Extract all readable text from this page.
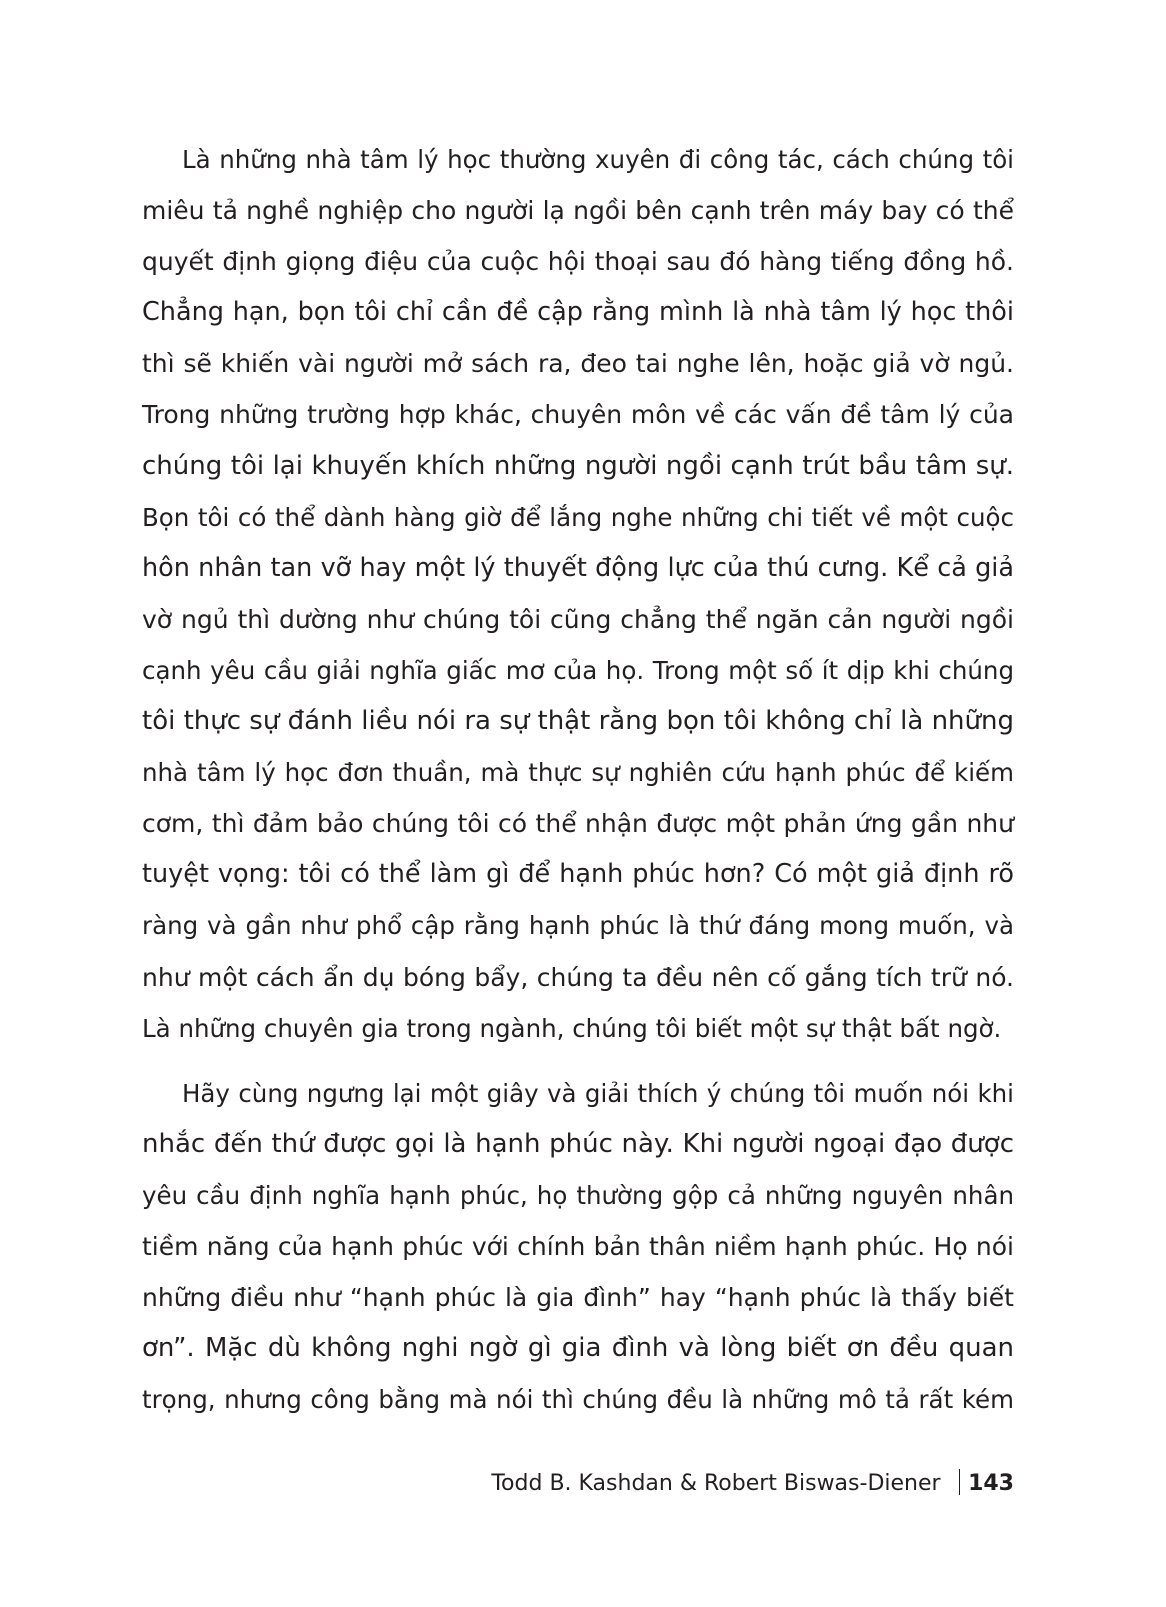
Là những nhà tâm lý học thường xuyên đi công tác, cách chúng tôi
miêu tả nghề nghiệp cho người lạ ngồi bên cạnh trên máy bay có thể
quyết định giọng điệu của cuộc hội thoại sau đó hàng tiếng đồng hồ.
Chẳng hạn, bọn tôi chỉ cần đề cập rằng mình là nhà tâm lý học thôi
thì sẽ khiến vài người mở sách ra, đeo tai nghe lên, hoặc giả vờ ngủ.
Trong những trường hợp khác, chuyên môn về các vấn đề tâm lý của
chúng tôi lại khuyến khích những người ngồi cạnh trút bầu tâm sự.
Bọn tôi có thể dành hàng giờ để lắng nghe những chi tiết về một cuộc
hôn nhân tan vỡ hay một lý thuyết động lực của thú cưng. Kể cả giả
vờ ngủ thì dường như chúng tôi cũng chẳng thể ngăn cản người ngồi
cạnh yêu cầu giải nghĩa giấc mơ của họ. Trong một số ít dịp khi chúng
tôi thực sự đánh liều nói ra sự thật rằng bọn tôi không chỉ là những
nhà tâm lý học đơn thuần, mà thực sự nghiên cứu hạnh phúc để kiếm
cơm, thì đảm bảo chúng tôi có thể nhận được một phản ứng gần như
tuyệt vọng: tôi có thể làm gì để hạnh phúc hơn? Có một giả định rõ
ràng và gần như phổ cập rằng hạnh phúc là thứ đáng mong muốn, và
như một cách ẩn dụ bóng bẩy, chúng ta đều nên cố gắng tích trữ nó.
Là những chuyên gia trong ngành, chúng tôi biết một sự thật bất ngờ.
Hãy cùng ngưng lại một giây và giải thích ý chúng tôi muốn nói khi
nhắc đến thứ được gọi là hạnh phúc này. Khi người ngoại đạo được
yêu cầu định nghĩa hạnh phúc, họ thường gộp cả những nguyên nhân
tiềm năng của hạnh phúc với chính bản thân niềm hạnh phúc. Họ nói
những điều như “hạnh phúc là gia đình” hay “hạnh phúc là thấy biết
ơn”. Mặc dù không nghi ngờ gì gia đình và lòng biết ơn đều quan
trọng, nhưng công bằng mà nói thì chúng đều là những mô tả rất kém
Todd B. Kashdan & Robert Biswas-Diener 143
